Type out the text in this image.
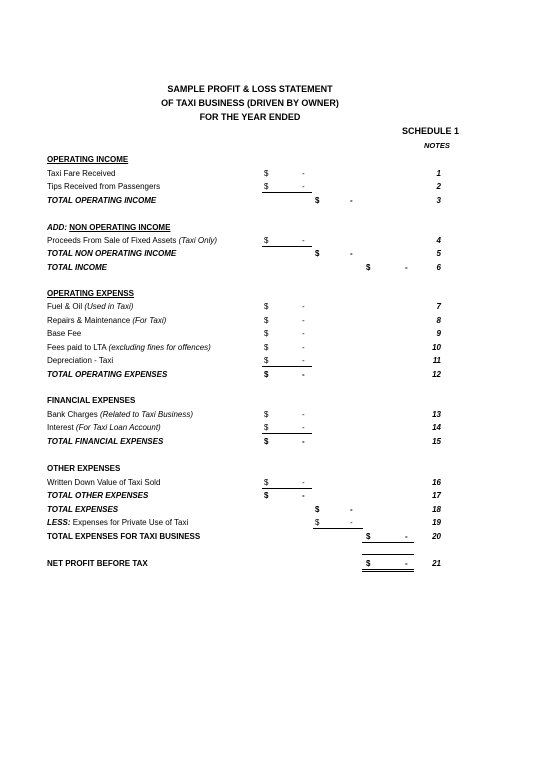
SAMPLE PROFIT & LOSS STATEMENT
OF TAXI BUSINESS (DRIVEN BY OWNER)
FOR THE YEAR ENDED
SCHEDULE 1
NOTES
OPERATING INCOME
Taxi Fare Received	$	-	1
Tips Received from Passengers	$	-	2
TOTAL OPERATING INCOME	$	-	3
ADD: NON OPERATING INCOME
Proceeds From Sale of Fixed Assets (Taxi Only)	$	-	4
TOTAL NON OPERATING INCOME	$	-	5
TOTAL INCOME	$	-	6
OPERATING EXPENSS
Fuel & Oil (Used in Taxi)	$	-	7
Repairs & Maintenance (For Taxi)	$	-	8
Base Fee	$	-	9
Fees paid to LTA (excluding fines for offences)	$	-	10
Depreciation - Taxi	$	-	11
TOTAL OPERATING EXPENSES	$	-	12
FINANCIAL EXPENSES
Bank Charges (Related to Taxi Business)	$	-	13
Interest (For Taxi Loan Account)	$	-	14
TOTAL FINANCIAL EXPENSES	$	-	15
OTHER EXPENSES
Written Down Value of Taxi Sold	$	-	16
TOTAL OTHER EXPENSES	$	-	17
TOTAL EXPENSES	$	-	18
LESS: Expenses for Private Use of Taxi	$	-	19
TOTAL EXPENSES FOR TAXI BUSINESS	$	-	20
NET PROFIT BEFORE TAX	$	-	21
